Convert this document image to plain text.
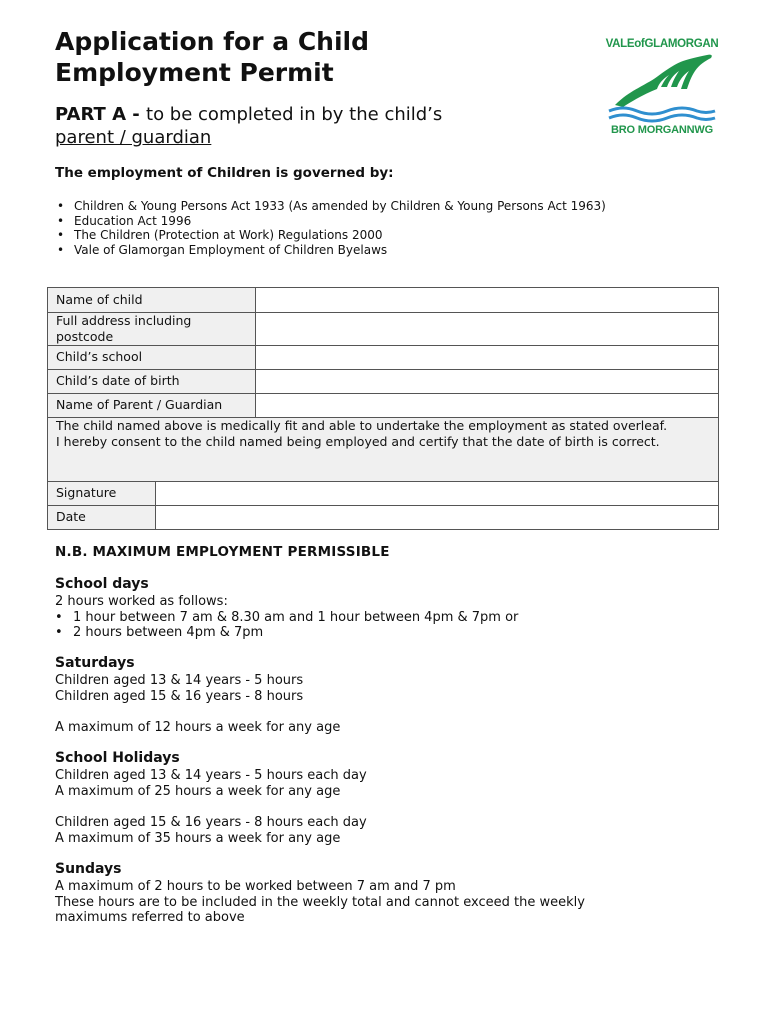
Application for a Child Employment Permit
PART A - to be completed in by the child’s
parent / guardian
VALEofGLAMORGAN
BRO MORGANNWG
The employment of Children is governed by:
• Children & Young Persons Act 1933 (As amended by Children & Young Persons Act 1963)
• Education Act 1996
• The Children (Protection at Work) Regulations 2000
• Vale of Glamorgan Employment of Children Byelaws
Name of child		
Full address including postcode		
Child’s school		
Child’s date of birth		
Name of Parent / Guardian		

The child named above is medically fit and able to undertake the employment as stated overleaf.
I hereby consent to the child named being employed and certify that the date of birth is correct.		

Signature		
Date		
N.B. MAXIMUM EMPLOYMENT PERMISSIBLE
School days
2 hours worked as follows:
• 1 hour between 7 am & 8.30 am and 1 hour between 4pm & 7pm or
• 2 hours between 4pm & 7pm
Saturdays
Children aged 13 & 14 years - 5 hours
Children aged 15 & 16 years - 8 hours
A maximum of 12 hours a week for any age
School Holidays
Children aged 13 & 14 years - 5 hours each day
A maximum of 25 hours a week for any age
Children aged 15 & 16 years - 8 hours each day
A maximum of 35 hours a week for any age
Sundays
A maximum of 2 hours to be worked between 7 am and 7 pm
These hours are to be included in the weekly total and cannot exceed the weekly maximums referred to above
